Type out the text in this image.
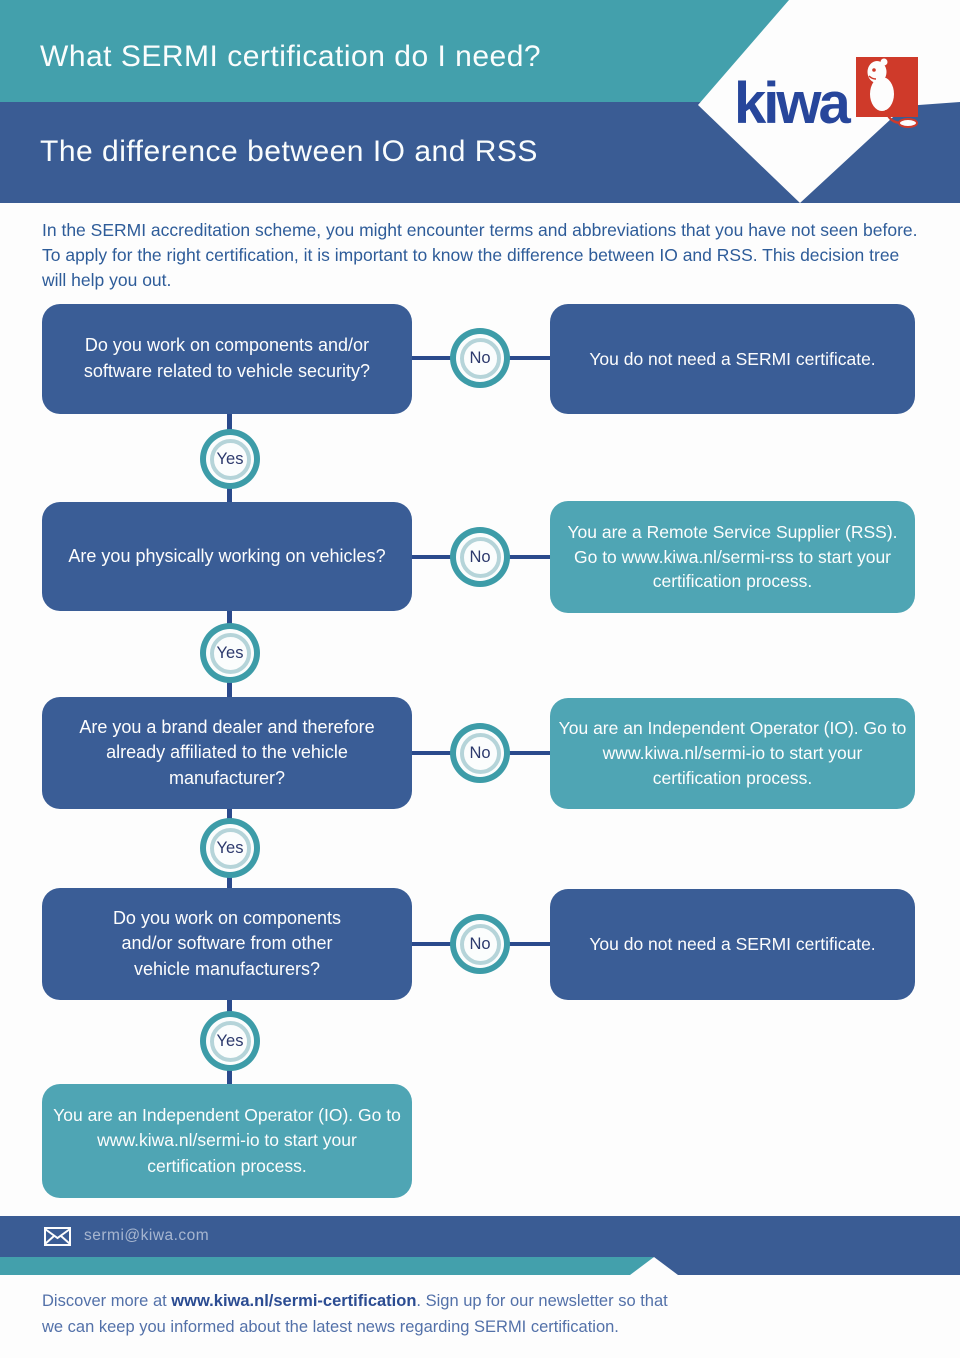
What SERMI certification do I need?
The difference between IO and RSS
kiwa
In the SERMI accreditation scheme, you might encounter terms and abbreviations that you have not seen before. To apply for the right certification, it is important to know the difference between IO and RSS. This decision tree will help you out.
Do you work on components and/or software related to vehicle security?
No	You do not need a SERMI certificate.
Yes
Are you physically working on vehicles?	No
You are a Remote Service Supplier (RSS). Go to www.kiwa.nl/sermi-rss to start your certification process.
Yes
Are you a brand dealer and therefore already affiliated to the vehicle manufacturer?
No
You are an Independent Operator (IO). Go to www.kiwa.nl/sermi-io to start your certification process.
Yes
Do you work on components and/or software from other vehicle manufacturers?
No	You do not need a SERMI certificate.
Yes
You are an Independent Operator (IO). Go to www.kiwa.nl/sermi-io to start your certification process.
sermi@kiwa.com
Discover more at www.kiwa.nl/sermi-certification. Sign up for our newsletter so that we can keep you informed about the latest news regarding SERMI certification.
